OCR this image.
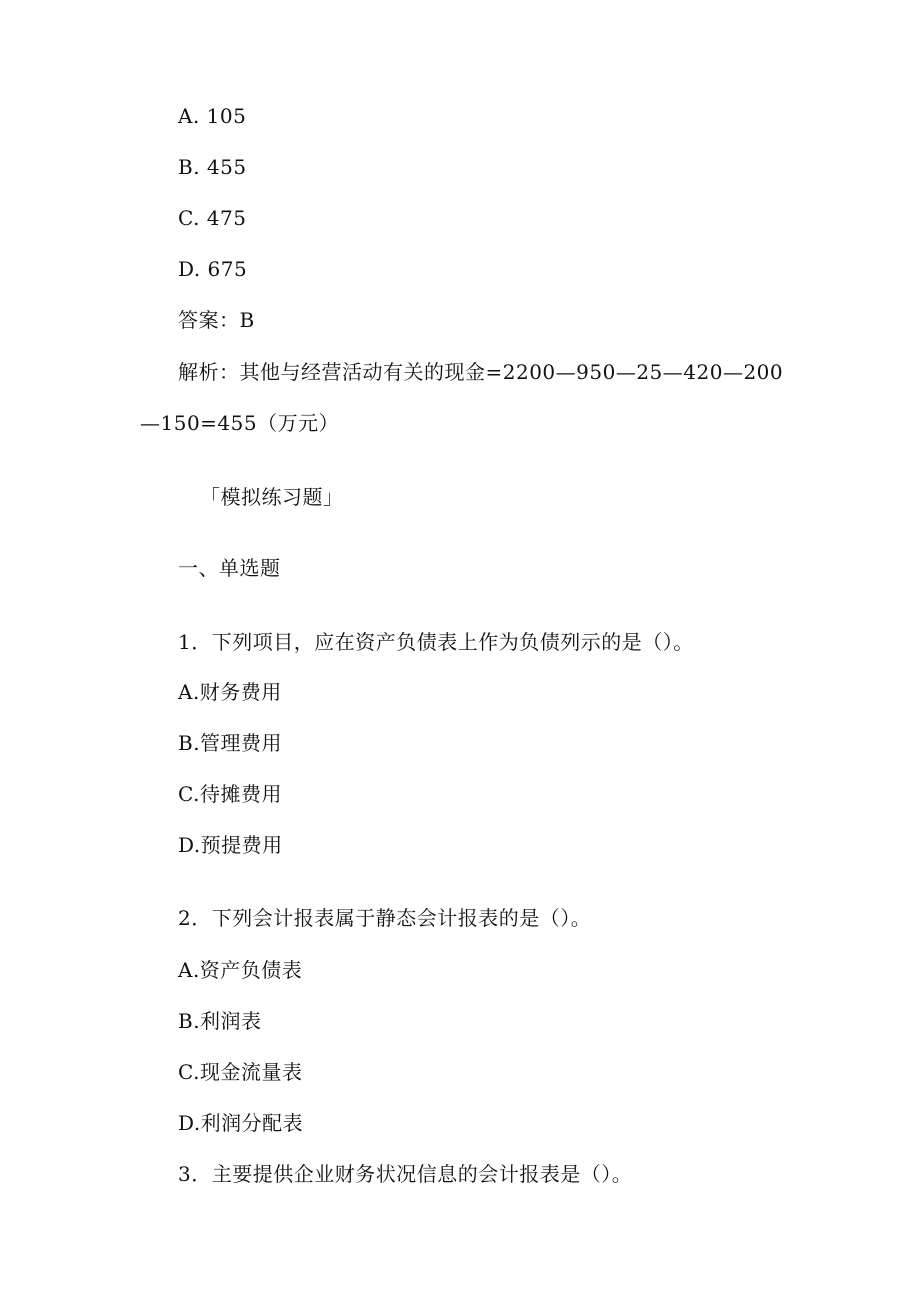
A. 105
B. 455
C. 475
D. 675
答案：B
解析：其他与经营活动有关的现金=2200—950—25—420—200
—150=455（万元）
「模拟练习题」
一、单选题
1．下列项目，应在资产负债表上作为负债列示的是（）。
A.财务费用
B.管理费用
C.待摊费用
D.预提费用
2．下列会计报表属于静态会计报表的是（）。
A.资产负债表
B.利润表
C.现金流量表
D.利润分配表
3．主要提供企业财务状况信息的会计报表是（）。
